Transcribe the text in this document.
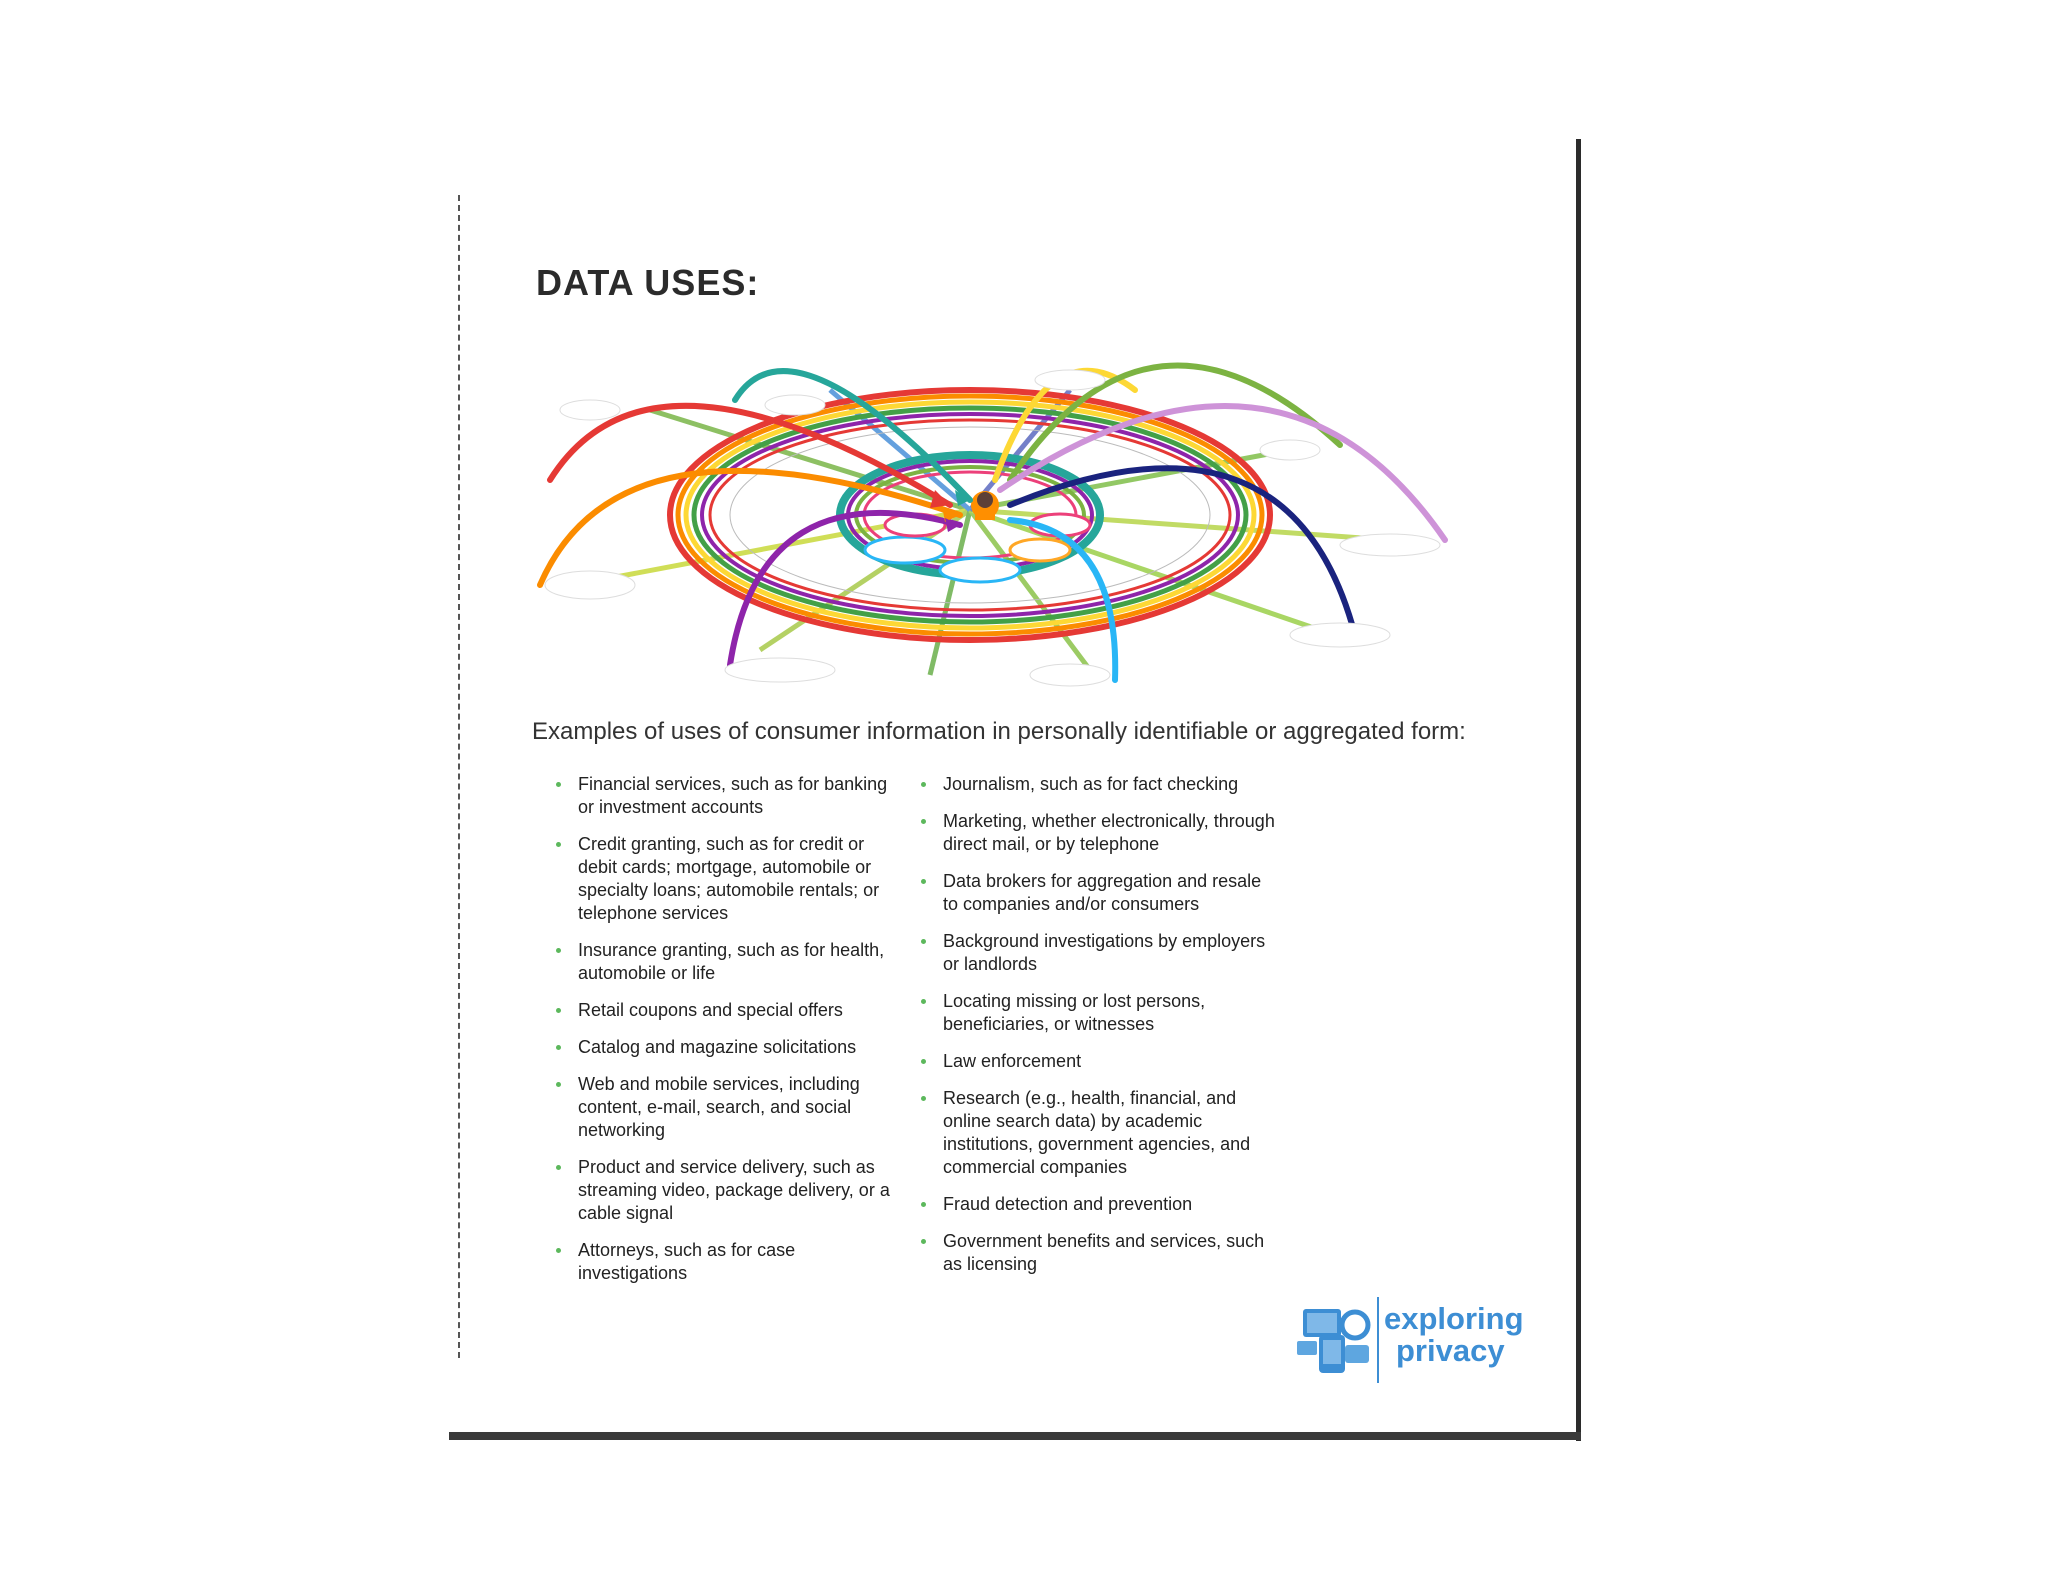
DATA USES:
Examples of uses of consumer information in personally identifiable or aggregated form:

Financial services, such as for banking or investment accounts

Credit granting, such as for credit or debit cards; mortgage, automobile or specialty loans; automobile rentals; or telephone services

Insurance granting, such as for health, automobile or life

Retail coupons and special offers

Catalog and magazine solicitations

Web and mobile services, including content, e-mail, search, and social networking

Product and service delivery, such as streaming video, package delivery, or a cable signal

Attorneys, such as for case investigations

Journalism, such as for fact checking

Marketing, whether electronically, through direct mail, or by telephone

Data brokers for aggregation and resale to companies and/or consumers

Background investigations by employers or landlords

Locating missing or lost persons, beneficiaries, or witnesses

Law enforcement

Research (e.g., health, financial, and online search data) by academic institutions, government agencies, and commercial companies

Fraud detection and prevention

Government benefits and services, such as licensing

exploring
privacy
